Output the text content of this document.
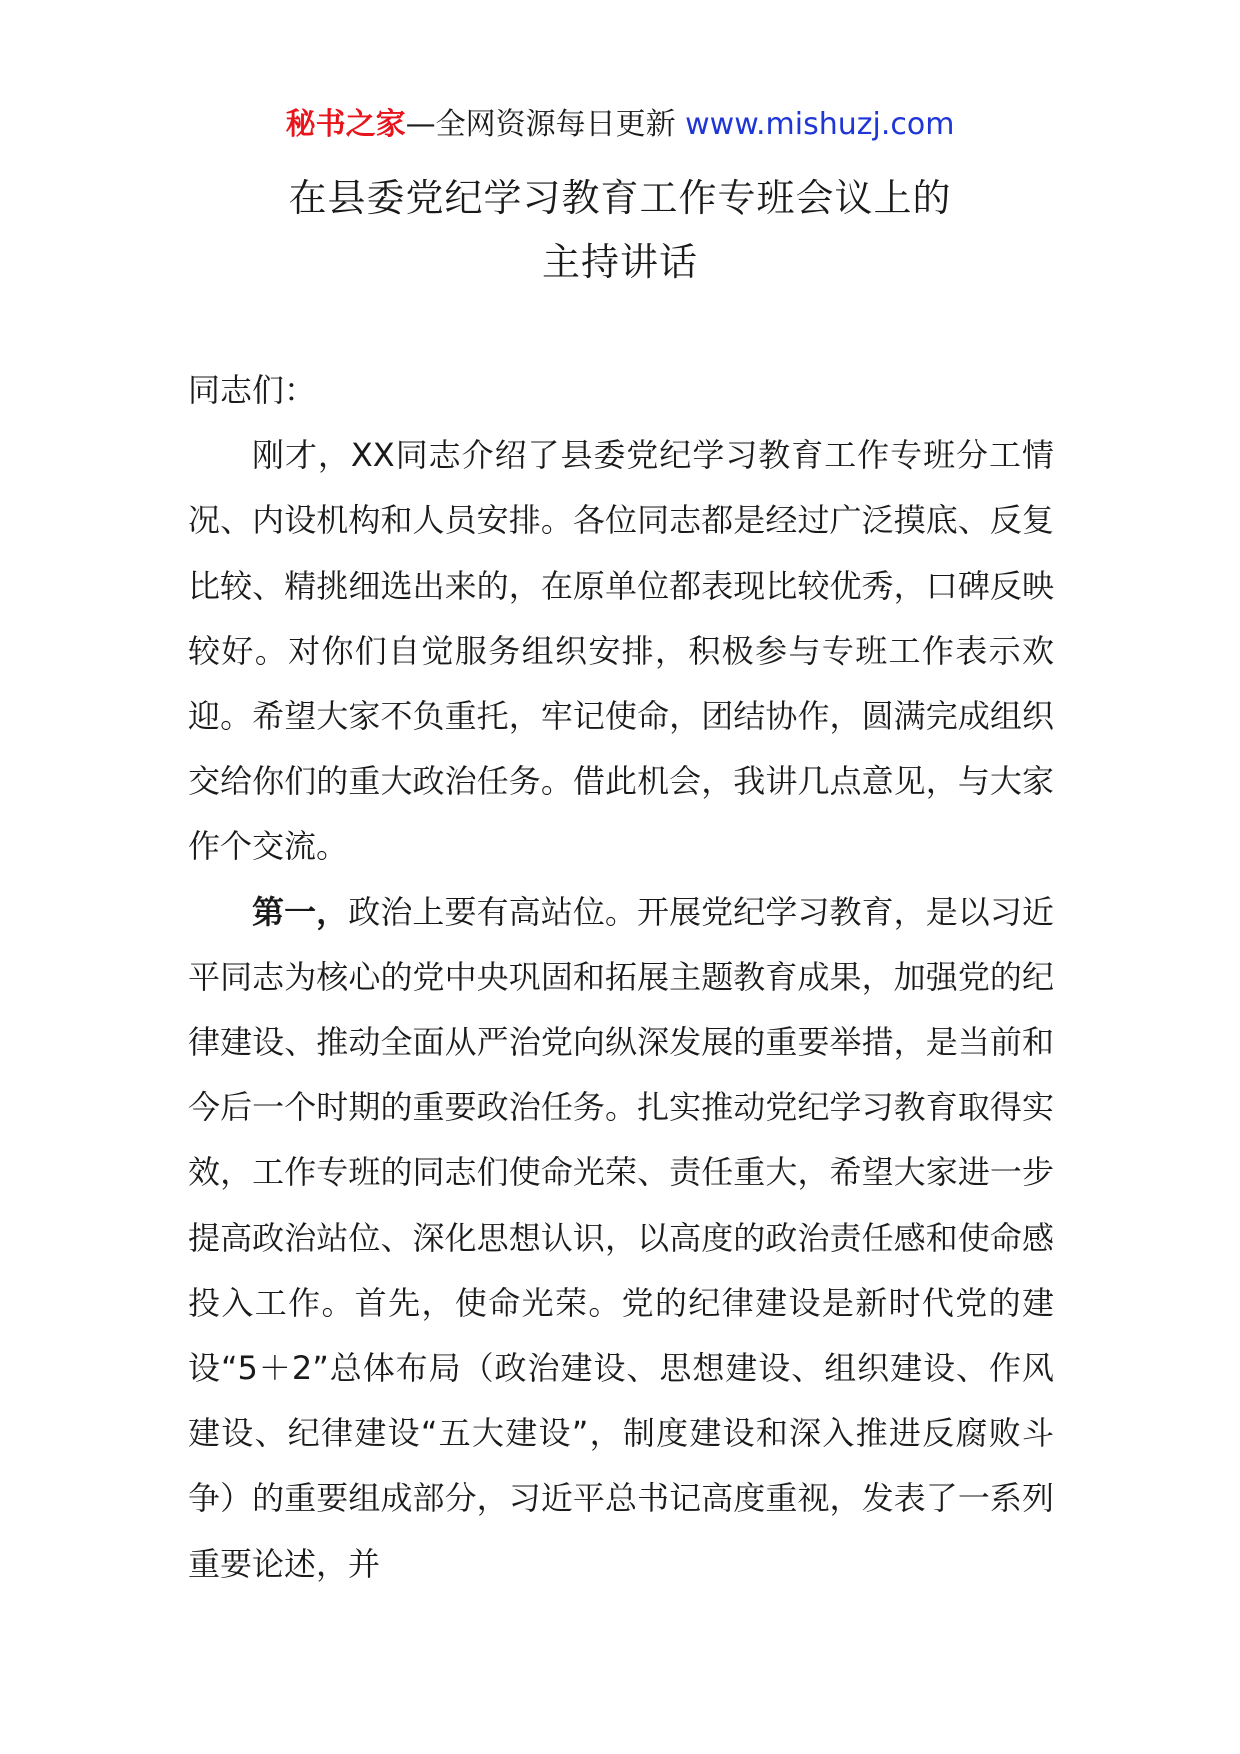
秘书之家—全网资源每日更新 www.mishuzj.com
在县委党纪学习教育工作专班会议上的
主持讲话

同志们：

刚才，XX同志介绍了县委党纪学习教育工作专班分工情况、内设机构和人员安排。各位同志都是经过广泛摸底、反复比较、精挑细选出来的，在原单位都表现比较优秀，口碑反映较好。对你们自觉服务组织安排，积极参与专班工作表示欢迎。希望大家不负重托，牢记使命，团结协作，圆满完成组织交给你们的重大政治任务。借此机会，我讲几点意见，与大家作个交流。

第一，政治上要有高站位。开展党纪学习教育，是以习近平同志为核心的党中央巩固和拓展主题教育成果，加强党的纪律建设、推动全面从严治党向纵深发展的重要举措，是当前和今后一个时期的重要政治任务。扎实推动党纪学习教育取得实效，工作专班的同志们使命光荣、责任重大，希望大家进一步提高政治站位、深化思想认识，以高度的政治责任感和使命感投入工作。首先，使命光荣。党的纪律建设是新时代党的建设“5＋2”总体布局（政治建设、思想建设、组织建设、作风建设、纪律建设“五大建设”，制度建设和深入推进反腐败斗争）的重要组成部分，习近平总书记高度重视，发表了一系列重要论述，并
